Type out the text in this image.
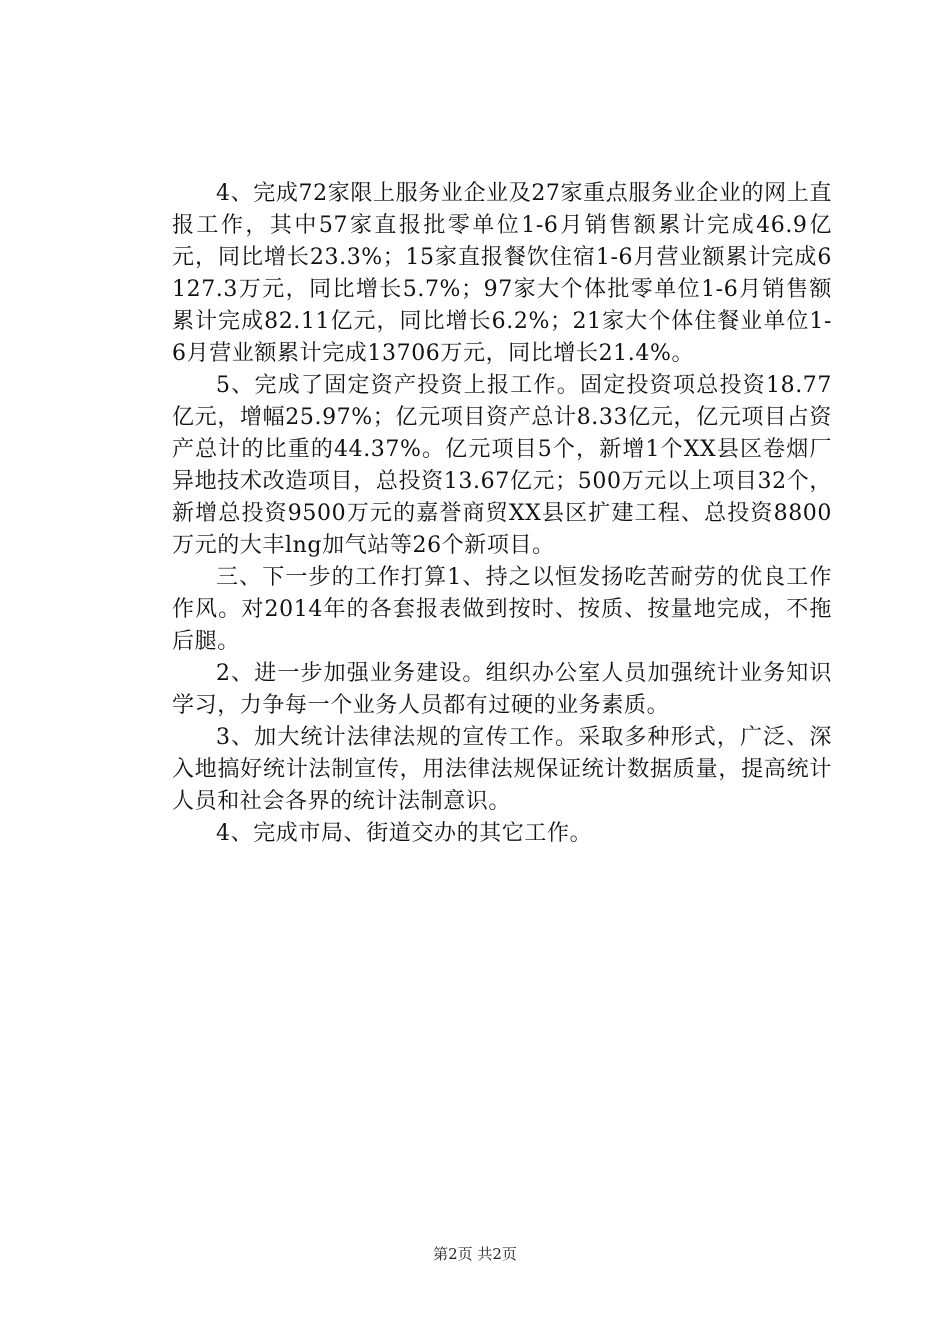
4、完成72家限上服务业企业及27家重点服务业企业的网上直报工作，其中57家直报批零单位1-6月销售额累计完成46.9亿元，同比增长23.3%；15家直报餐饮住宿1-6月营业额累计完成6127.3万元，同比增长5.7%；97家大个体批零单位1-6月销售额累计完成82.11亿元，同比增长6.2%；21家大个体住餐业单位1-6月营业额累计完成13706万元，同比增长21.4%。

5、完成了固定资产投资上报工作。固定投资项总投资18.77亿元，增幅25.97%；亿元项目资产总计8.33亿元，亿元项目占资产总计的比重的44.37%。亿元项目5个，新增1个XX县区卷烟厂异地技术改造项目，总投资13.67亿元；500万元以上项目32个，新增总投资9500万元的嘉誉商贸XX县区扩建工程、总投资8800万元的大丰lng加气站等26个新项目。

三、下一步的工作打算1、持之以恒发扬吃苦耐劳的优良工作作风。对2014年的各套报表做到按时、按质、按量地完成，不拖后腿。

2、进一步加强业务建设。组织办公室人员加强统计业务知识学习，力争每一个业务人员都有过硬的业务素质。

3、加大统计法律法规的宣传工作。采取多种形式，广泛、深入地搞好统计法制宣传，用法律法规保证统计数据质量，提高统计人员和社会各界的统计法制意识。

4、完成市局、街道交办的其它工作。

第2页 共2页
